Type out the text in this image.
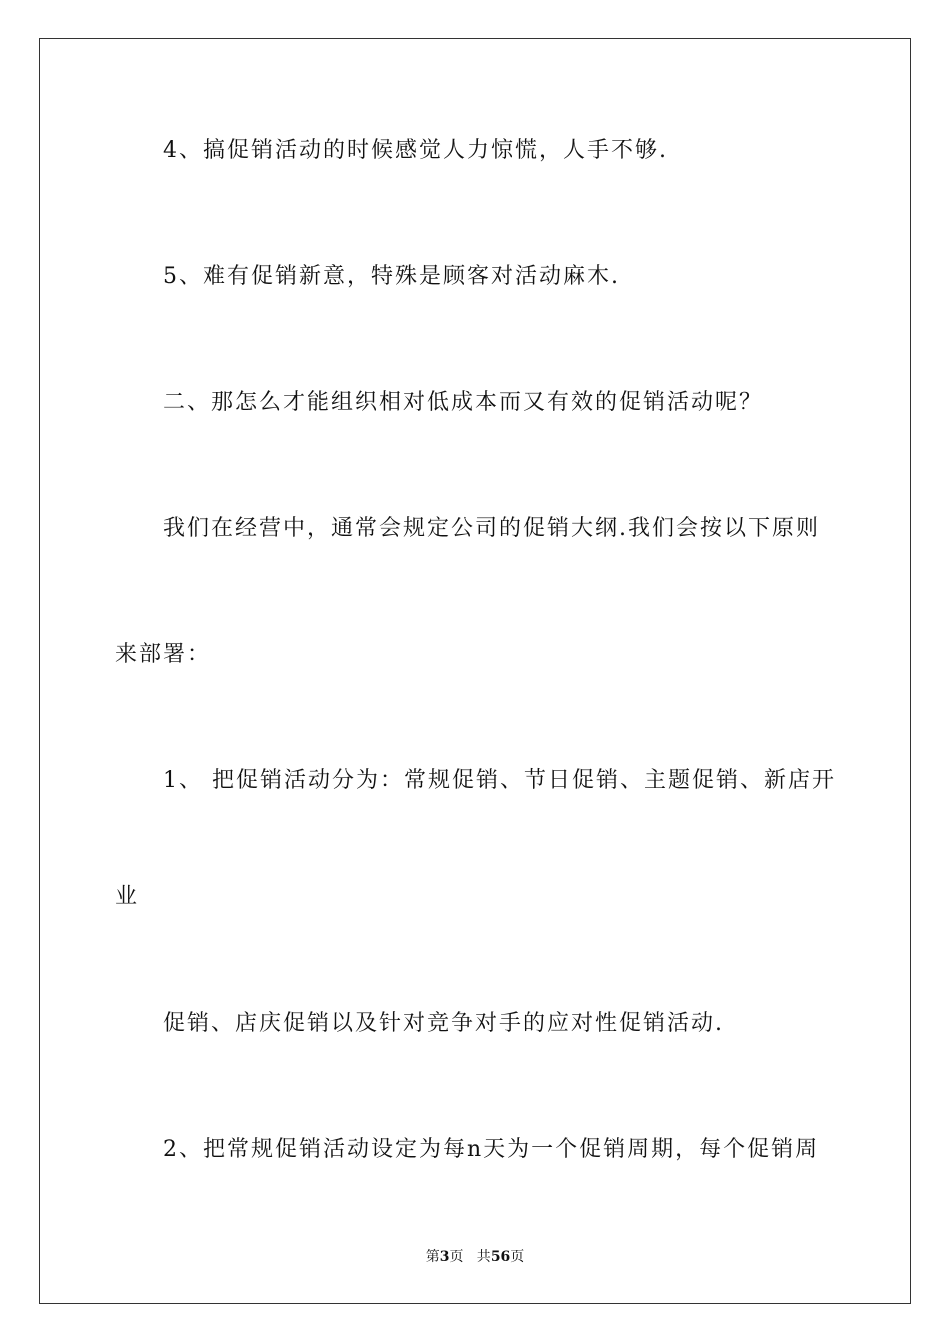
4、搞促销活动的时候感觉人力惊慌，人手不够.
5、难有促销新意，特殊是顾客对活动麻木.
二、那怎么才能组织相对低成本而又有效的促销活动呢？
我们在经营中，通常会规定公司的促销大纲.我们会按以下原则
来部署：
1、 把促销活动分为：常规促销、节日促销、主题促销、新店开
业
促销、店庆促销以及针对竞争对手的应对性促销活动.
2、把常规促销活动设定为每n天为一个促销周期，每个促销周
第3页   共56页
